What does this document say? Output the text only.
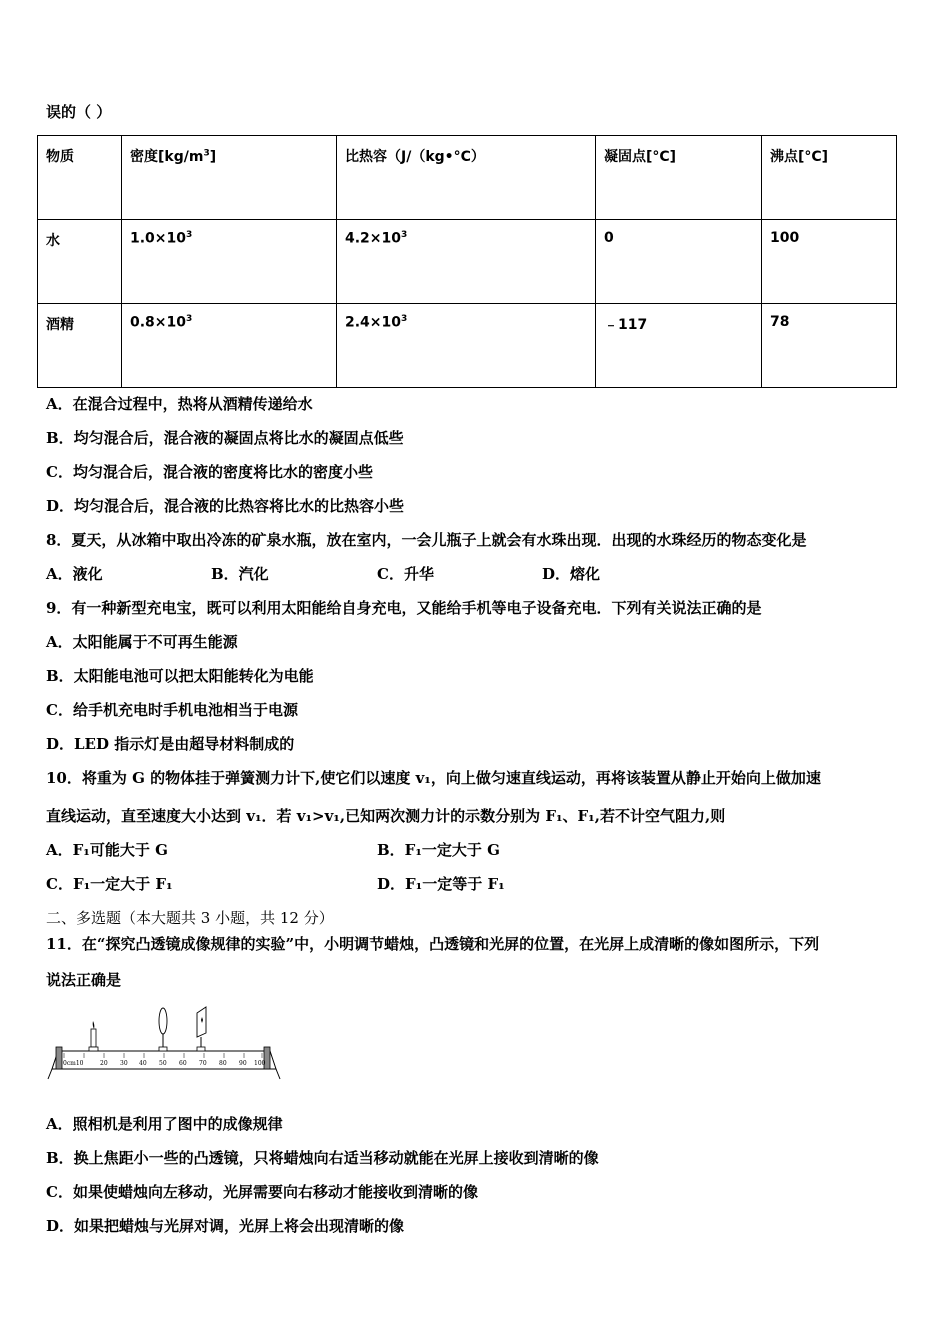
误的（ ）
物质	密度$[kg/m^3]$	比热容（J/（kg•°C）	凝固点[°C]	沸点[°C]
水	$1.0\times 10^3$	$4.2\times 10^3$	0	100
酒精	$0.8\times 10^3$	$2.4\times 10^3$	﹣117	78
A．在混合过程中，热将从酒精传递给水
B．均匀混合后，混合液的凝固点将比水的凝固点低些
C．均匀混合后，混合液的密度将比水的密度小些
D．均匀混合后，混合液的比热容将比水的比热容小些
8．夏天，从冰箱中取出冷冻的矿泉水瓶，放在室内，一会儿瓶子上就会有水珠出现．出现的水珠经历的物态变化是
A．液化	B．汽化	C．升华	D．熔化
9．有一种新型充电宝，既可以利用太阳能给自身充电，又能给手机等电子设备充电．下列有关说法正确的是
A．太阳能属于不可再生能源
B．太阳能电池可以把太阳能转化为电能
C．给手机充电时手机电池相当于电源
D．LED 指示灯是由超导材料制成的
10．将重为 G 的物体挂于弹簧测力计下,使它们以速度 v₁，向上做匀速直线运动，再将该装置从静止开始向上做加速
直线运动，直至速度大小达到 v₁．若 v₁>v₁,已知两次测力计的示数分别为 F₁、F₁,若不计空气阻力,则
A．F₁可能大于 G	B．F₁一定大于 G
C．F₁一定大于 F₁	D．F₁一定等于 F₁
二、多选题（本大题共 3 小题，共 12 分）
11．在“探究凸透镜成像规律的实验”中，小明调节蜡烛，凸透镜和光屏的位置，在光屏上成清晰的像如图所示，下列
说法正确是
0cm10	20 30 40 50 60 70 80 90 100
A．照相机是利用了图中的成像规律
B．换上焦距小一些的凸透镜，只将蜡烛向右适当移动就能在光屏上接收到清晰的像
C．如果使蜡烛向左移动，光屏需要向右移动才能接收到清晰的像
D．如果把蜡烛与光屏对调，光屏上将会出现清晰的像
